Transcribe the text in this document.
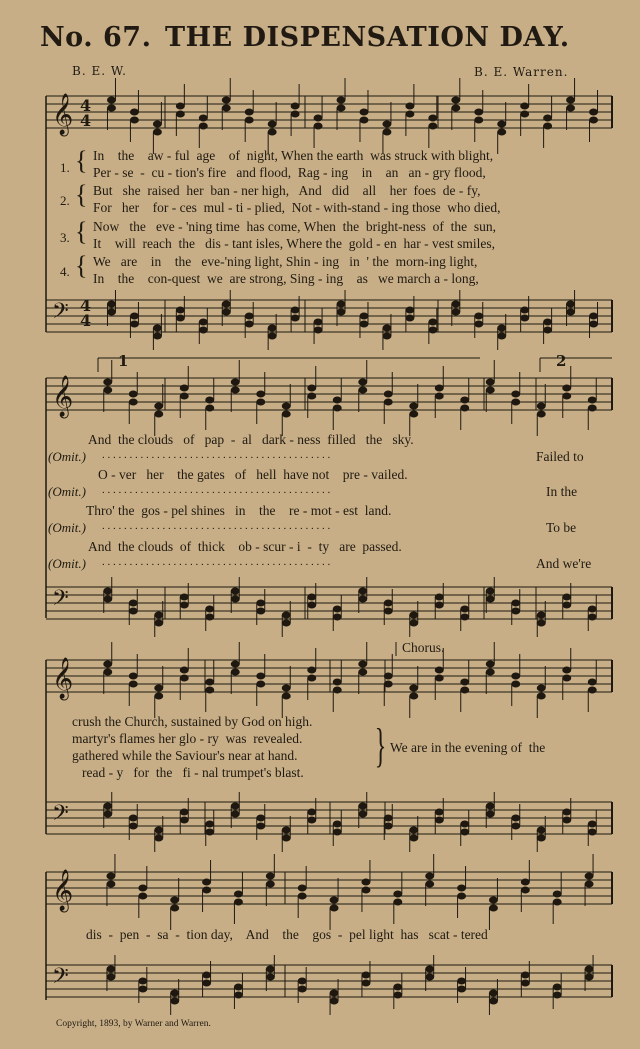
No. 67. THE DISPENSATION DAY.
B. E. W.	B. E. Warren.
𝄞
𝄢
𝄞
𝄢
𝄞
𝄢
𝄞
𝄢
4
4
4
4
1. { In    the    aw - ful  age    of  night, When the earth  was struck with blight,
Per - se  -  cu - tion's fire   and flood,  Rag - ing    in    an   an - gry flood,
2. { But   she  raised  her  ban - ner high,   And   did    all    her  foes  de - fy,
For   her    for - ces  mul - ti - plied,  Not - with-stand - ing those  who died,
3. { Now   the   eve - 'ning time  has come, When  the  bright-ness  of  the  sun,
It    will  reach  the   dis - tant isles, Where the  gold - en  har - vest smiles,
4. { We   are    in    the   eve-'ning light, Shin - ing   in  ' the  morn-ing light,
In    the    con-quest  we  are strong, Sing - ing    as   we march a - long,
1	2
And  the clouds   of   pap  -  al   dark - ness  filled   the   sky.
(Omit.) . . . . . . . . . . . . . . . . . . . . . . . . . . . . . . . . . . . . . . . . . .	Failed to
O - ver   her    the gates   of   hell  have not    pre - vailed.
(Omit.) . . . . . . . . . . . . . . . . . . . . . . . . . . . . . . . . . . . . . . . . . .	In the
Thro' the  gos - pel shines   in    the    re - mot - est  land.
(Omit.) . . . . . . . . . . . . . . . . . . . . . . . . . . . . . . . . . . . . . . . . . .	To be
And  the clouds  of  thick    ob - scur - i  -  ty   are  passed.
(Omit.) . . . . . . . . . . . . . . . . . . . . . . . . . . . . . . . . . . . . . . . . . .	And we're
Chorus.
crush the Church, sustained by God on high.
martyr's flames her glo - ry  was  revealed.
gathered while the Saviour's near at hand.
read - y   for  the   fi - nal trumpet's blast.
} We are in the evening of  the
dis  -  pen  -  sa  -  tion day,    And    the    gos  -  pel light  has   scat - tered
Copyright, 1893, by Warner and Warren.
